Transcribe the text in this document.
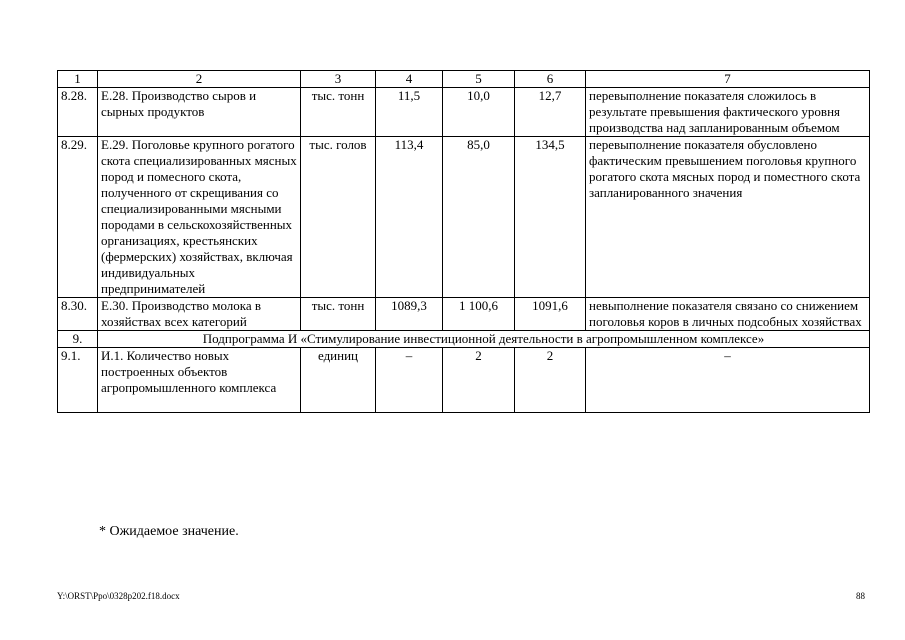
1	2	3	4	5	6	7
8.28.	Е.28. Производство сыров и сырных продуктов	тыс. тонн	11,5	10,0	12,7	перевыполнение показателя сложилось в результате превышения фактического уровня производства над запланированным объемом
8.29.	Е.29. Поголовье крупного рогатого скота специализированных мясных пород и помесного скота, полученного от скрещивания со специализированными мясными породами в сельскохозяйственных организациях, крестьянских (фермерских) хозяйствах, включая индивидуальных предпринимателей	тыс. голов	113,4	85,0	134,5	перевыполнение показателя обусловлено фактическим превышением поголовья крупного рогатого скота мясных пород и поместного скота запланированного значения
8.30.	Е.30. Производство молока в хозяйствах всех категорий	тыс. тонн	1089,3	1 100,6	1091,6	невыполнение показателя связано со снижением поголовья коров в личных подсобных хозяйствах
9.	Подпрограмма И «Стимулирование инвестиционной деятельности в агропромышленном комплексе»					
9.1.	И.1. Количество новых построенных объектов агропромышленного комплекса	единиц	–	2	2	–
* Ожидаемое значение.
Y:\ORST\Ppo\0328p202.f18.docx	88
